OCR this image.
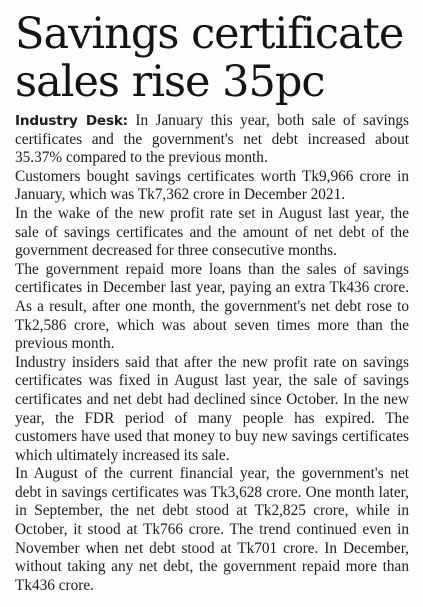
Savings certificate
sales rise 35pc

Industry Desk: In January this year, both sale of savings certificates and the government's net debt increased about 35.37% compared to the previous month.

Customers bought savings certificates worth Tk9,966 crore in January, which was Tk7,362 crore in December 2021.

In the wake of the new profit rate set in August last year, the sale of savings certificates and the amount of net debt of the government decreased for three consecutive months.

The government repaid more loans than the sales of savings certificates in December last year, paying an extra Tk436 crore. As a result, after one month, the government's net debt rose to Tk2,586 crore, which was about seven times more than the previous month.

Industry insiders said that after the new profit rate on savings certificates was fixed in August last year, the sale of savings certificates and net debt had declined since October. In the new year, the FDR period of many people has expired. The customers have used that money to buy new savings certificates which ultimately increased its sale.

In August of the current financial year, the government's net debt in savings certificates was Tk3,628 crore. One month later, in September, the net debt stood at Tk2,825 crore, while in October, it stood at Tk766 crore. The trend continued even in November when net debt stood at Tk701 crore. In December, without taking any net debt, the government repaid more than Tk436 crore.
